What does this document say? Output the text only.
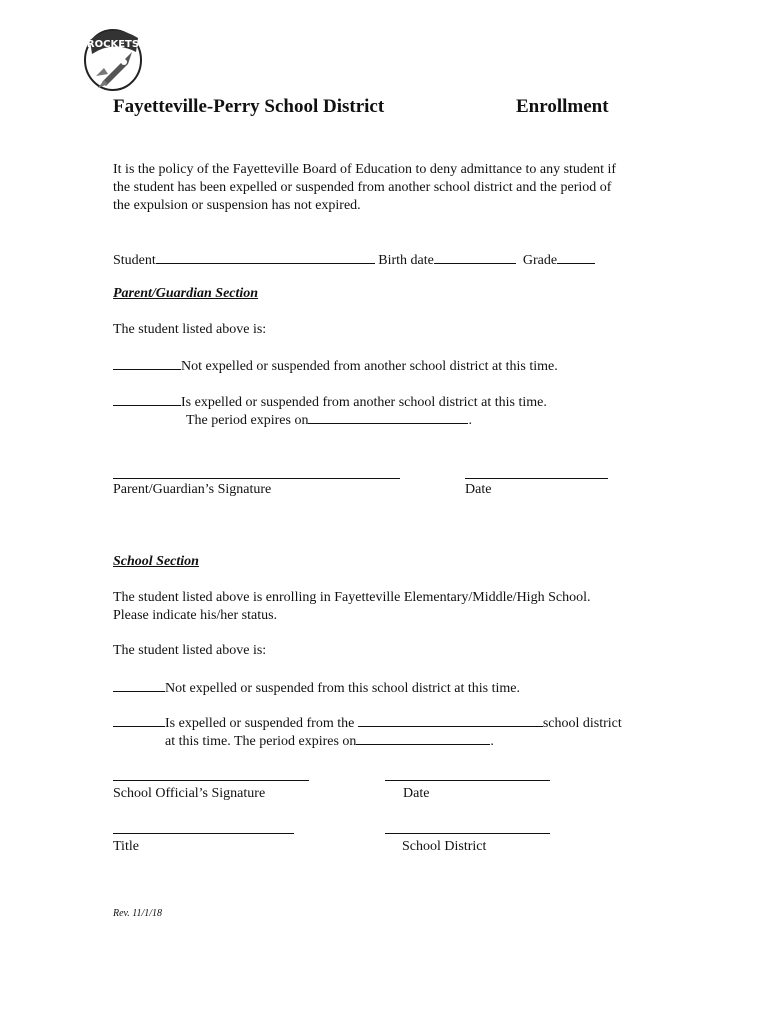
ROCKETS
Fayetteville-Perry School District	Enrollment
It is the policy of the Fayetteville Board of Education to deny admittance to any student if
the student has been expelled or suspended from another school district and the period of
the expulsion or suspension has not expired.
Student	Birth date	Grade
Parent/Guardian Section
The student listed above is:
Not expelled or suspended from another school district at this time.
Is expelled or suspended from another school district at this time.
The period expires on	.
Parent/Guardian’s Signature	Date
School Section
The student listed above is enrolling in Fayetteville Elementary/Middle/High School.
Please indicate his/her status.
The student listed above is:
Not expelled or suspended from this school district at this time.
Is expelled or suspended from the	school district
at this time. The period expires on	.
School Official’s Signature	Date
Title	School District
Rev. 11/1/18
